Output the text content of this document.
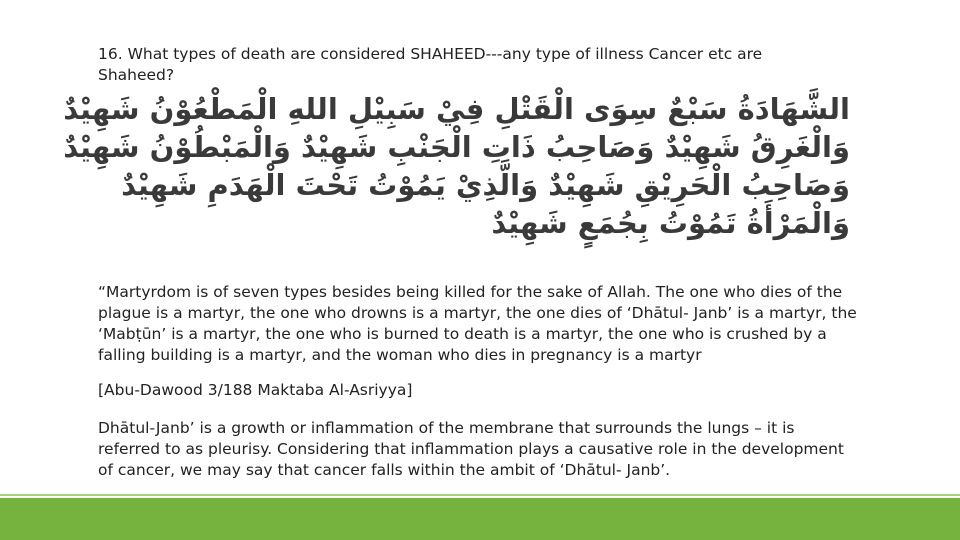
16. What types of death are considered SHAHEED---any type of illness Cancer etc are Shaheed?

الشَّهَادَةُ سَبْعٌ سِوَى الْقَتْلِ فِيْ سَبِيْلِ اللهِ الْمَطْعُوْنُ شَهِيْدٌ
وَالْغَرِقُ شَهِيْدٌ وَصَاحِبُ ذَاتِ الْجَنْبِ شَهِيْدٌ وَالْمَبْطُوْنُ شَهِيْدٌ
وَصَاحِبُ الْحَرِيْقِ شَهِيْدٌ وَالَّذِيْ يَمُوْتُ تَحْتَ الْهَدَمِ شَهِيْدٌ
وَالْمَرْأَةُ تَمُوْتُ بِجُمَعٍ شَهِيْدٌ

“Martyrdom is of seven types besides being killed for the sake of Allah. The one who dies of the plague is a martyr, the one who drowns is a martyr, the one dies of ‘Dhātul- Janb’ is a martyr, the ‘Mabṭūn’ is a martyr, the one who is burned to death is a martyr, the one who is crushed by a falling building is a martyr, and the woman who dies in pregnancy is a martyr

[Abu-Dawood 3/188 Maktaba Al-Asriyya]

Dhātul-Janb’ is a growth or inflammation of the membrane that surrounds the lungs – it is referred to as pleurisy. Considering that inflammation plays a causative role in the development of cancer, we may say that cancer falls within the ambit of ‘Dhātul- Janb’.
